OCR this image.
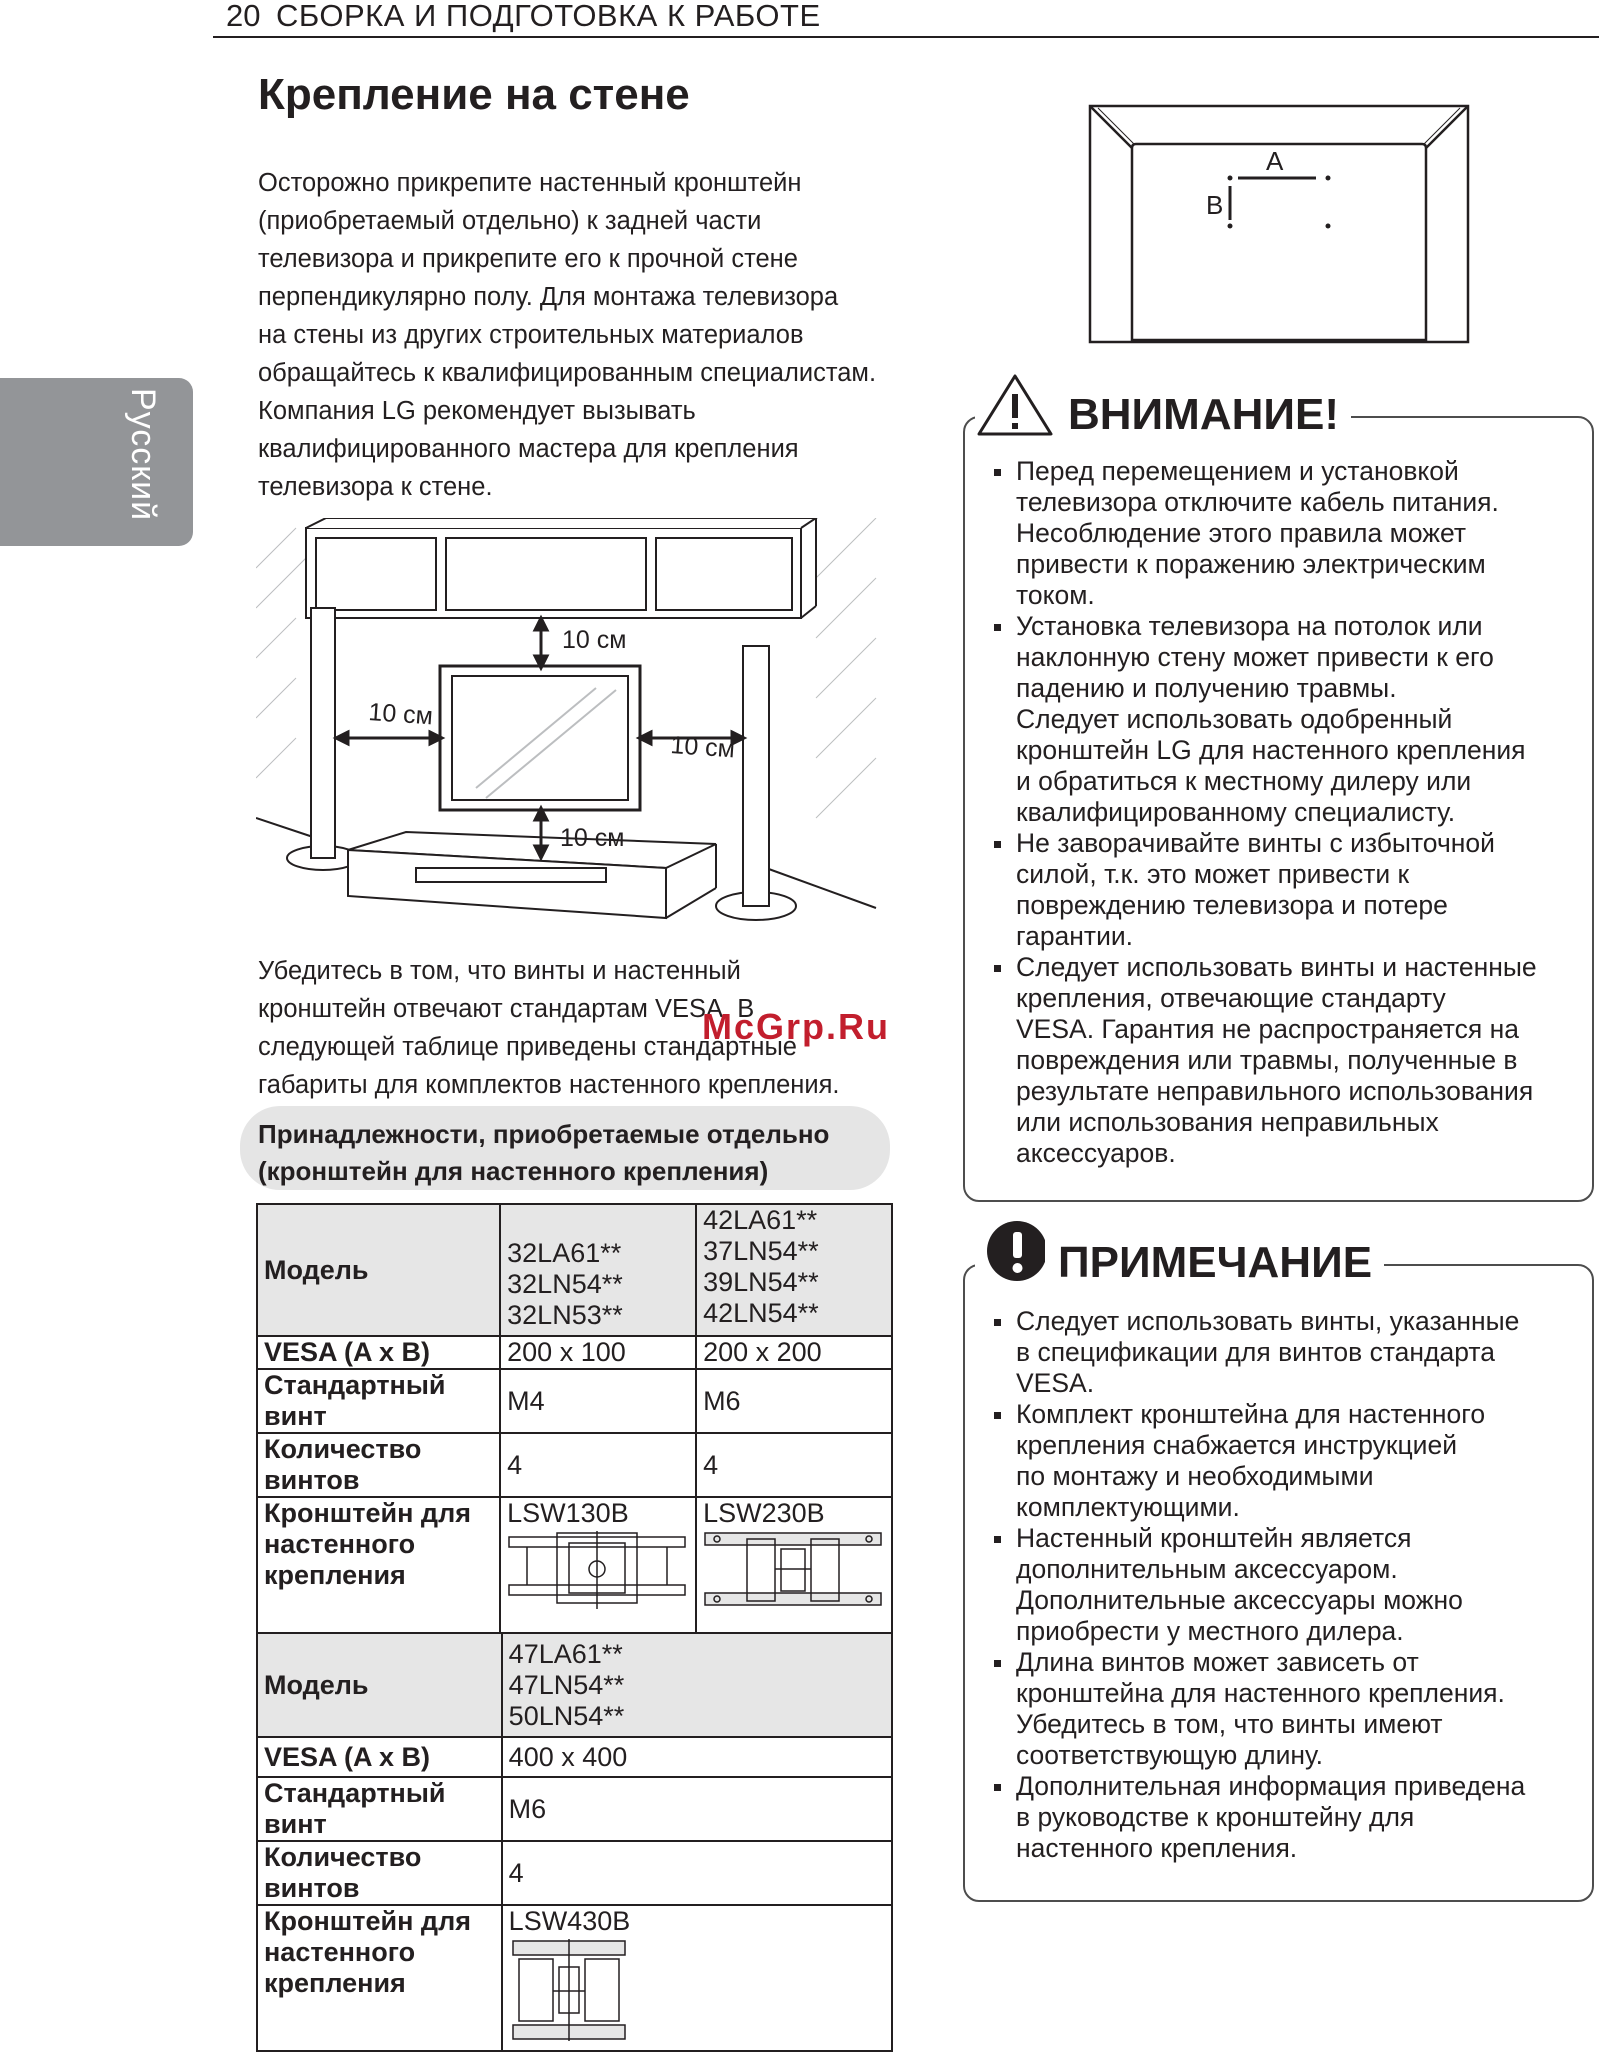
20 СБОРКА И ПОДГОТОВКА К РАБОТЕ
Русский
Крепление на стене
Осторожно прикрепите настенный кронштейн
(приобретаемый отдельно) к задней части
телевизора и прикрепите его к прочной стене
перпендикулярно полу. Для монтажа телевизора
на стены из других строительных материалов
обращайтесь к квалифицированным специалистам.
Компания LG рекомендует вызывать
квалифицированного мастера для крепления
телевизора к стене.
10 см
10 см
10 см
10 см
Убедитесь в том, что винты и настенный
кронштейн отвечают стандартам VESA. В
следующей таблице приведены стандартные
габариты для комплектов настенного крепления.
McGrp.Ru
Принадлежности, приобретаемые отдельно
(кронштейн для настенного крепления)
Модель	32LA61**
32LN54**
32LN53**	42LA61**
37LN54**
39LN54**
42LN54**
VESA (A x B)	200 x 100	200 x 200
Стандартный
винт	M4	M6
Количество
винтов	4	4
Кронштейн для
настенного
крепления	LSW130B	LSW230B
Модель	47LA61**
47LN54**
50LN54**
VESA (A x B)	400 x 400
Стандартный
винт	M6
Количество
винтов	4
Кронштейн для
настенного
крепления	LSW430B
A
B
ВНИМАНИЕ!
Перед перемещением и установкой
телевизора отключите кабель питания.
Несоблюдение этого правила может
привести к поражению электрическим
током.
Установка телевизора на потолок или
наклонную стену может привести к его
падению и получению травмы.
Следует использовать одобренный
кронштейн LG для настенного крепления
и обратиться к местному дилеру или
квалифицированному специалисту.
Не заворачивайте винты с избыточной
силой, т.к. это может привести к
повреждению телевизора и потере
гарантии.
Следует использовать винты и настенные
крепления, отвечающие стандарту
VESA. Гарантия не распространяется на
повреждения или травмы, полученные в
результате неправильного использования
или использования неправильных
аксессуаров.
ПРИМЕЧАНИЕ
Следует использовать винты, указанные
в спецификации для винтов стандарта
VESA.
Комплект кронштейна для настенного
крепления снабжается инструкцией
по монтажу и необходимыми
комплектующими.
Настенный кронштейн является
дополнительным аксессуаром.
Дополнительные аксессуары можно
приобрести у местного дилера.
Длина винтов может зависеть от
кронштейна для настенного крепления.
Убедитесь в том, что винты имеют
соответствующую длину.
Дополнительная информация приведена
в руководстве к кронштейну для
настенного крепления.
